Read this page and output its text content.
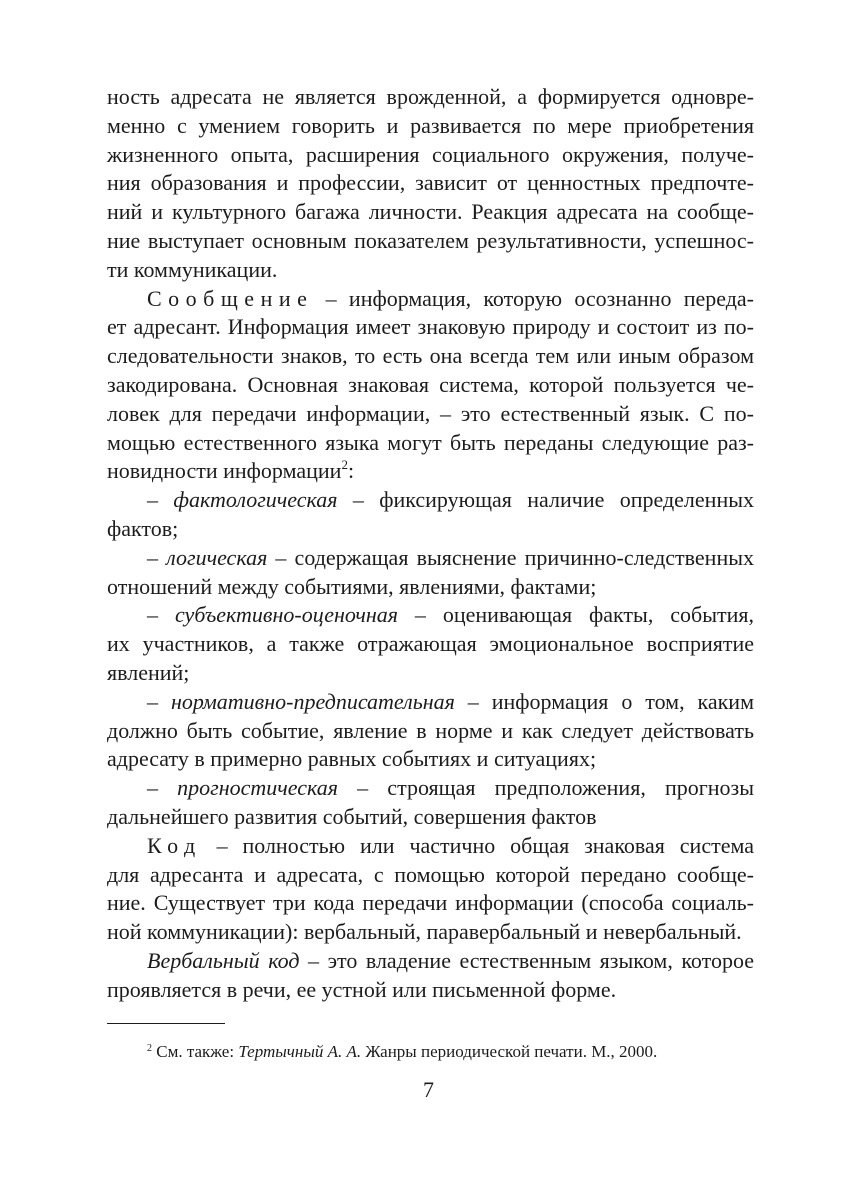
ность адресата не является врожденной, а формируется одновре-
менно с умением говорить и развивается по мере приобретения
жизненного опыта, расширения социального окружения, получе-
ния образования и профессии, зависит от ценностных предпочте-
ний и культурного багажа личности. Реакция адресата на сообще-
ние выступает основным показателем результативности, успешнос-
ти коммуникации.
Сообщение – информация, которую осознанно переда-
ет адресант. Информация имеет знаковую природу и состоит из по-
следовательности знаков, то есть она всегда тем или иным образом
закодирована. Основная знаковая система, которой пользуется че-
ловек для передачи информации, – это естественный язык. С по-
мощью естественного языка могут быть переданы следующие раз-
новидности информации$^2$:
– фактологическая – фиксирующая наличие определенных
фактов;
– логическая – содержащая выяснение причинно-следственных
отношений между событиями, явлениями, фактами;
– субъективно-оценочная – оценивающая факты, события,
их участников, а также отражающая эмоциональное восприятие
явлений;
– нормативно-предписательная – информация о том, каким
должно быть событие, явление в норме и как следует действовать
адресату в примерно равных событиях и ситуациях;
– прогностическая – строящая предположения, прогнозы
дальнейшего развития событий, совершения фактов
Код – полностью или частично общая знаковая система
для адресанта и адресата, с помощью которой передано сообще-
ние. Существует три кода передачи информации (способа социаль-
ной коммуникации): вербальный, паравербальный и невербальный.
Вербальный код – это владение естественным языком, которое
проявляется в речи, ее устной или письменной форме.
$^2$ См. также: Тертычный А. А. Жанры периодической печати. М., 2000.
7
